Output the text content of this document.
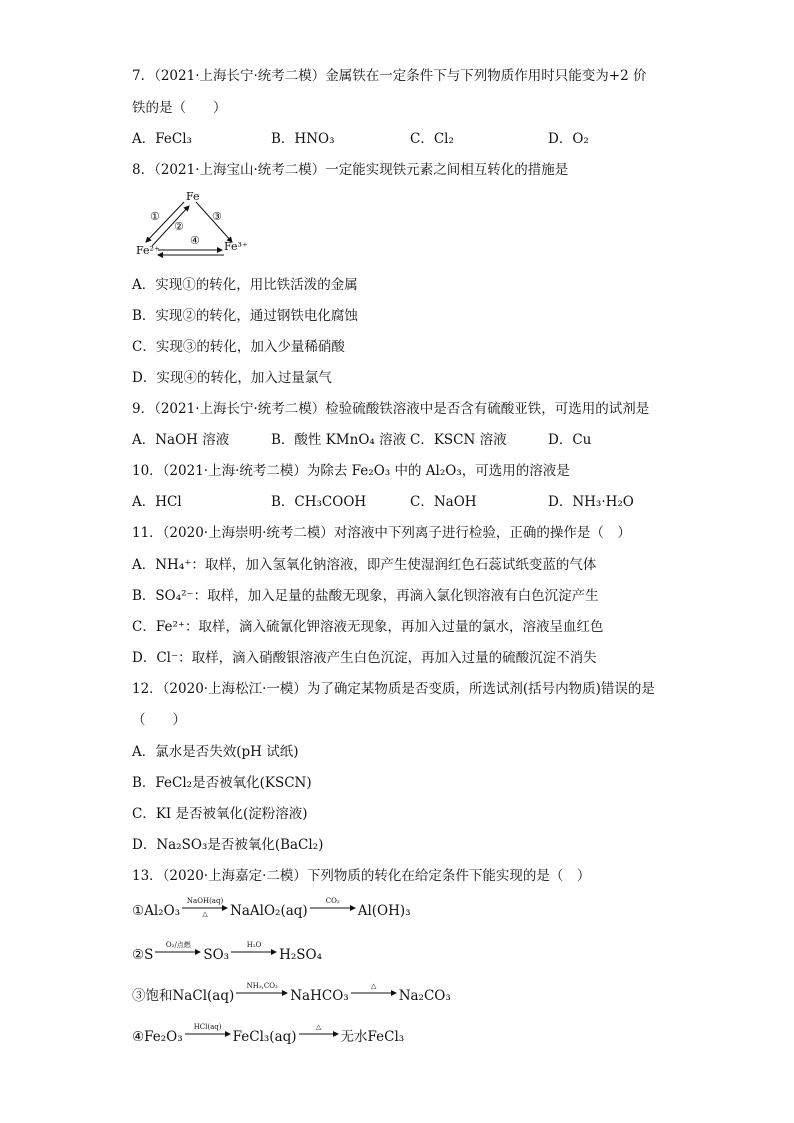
7．（2021·上海长宁·统考二模）金属铁在一定条件下与下列物质作用时只能变为+2 价
铁的是（　　）
A．FeCl₃	B．HNO₃	C．Cl₂	D．O₂
8．（2021·上海宝山·统考二模）一定能实现铁元素之间相互转化的措施是
Fe
Fe²⁺	Fe³⁺
①
②
③
④
A．实现①的转化，用比铁活泼的金属
B．实现②的转化，通过钢铁电化腐蚀
C．实现③的转化，加入少量稀硝酸
D．实现④的转化，加入过量氯气
9．（2021·上海长宁·统考二模）检验硫酸铁溶液中是否含有硫酸亚铁，可选用的试剂是
A．NaOH 溶液	B．酸性 KMnO₄ 溶液 C．KSCN 溶液	D．Cu
10．（2021·上海·统考二模）为除去 Fe₂O₃ 中的 Al₂O₃，可选用的溶液是
A．HCl	B．CH₃COOH	C．NaOH	D．NH₃·H₂O
11．（2020·上海崇明·统考二模）对溶液中下列离子进行检验，正确的操作是（　）
A．NH₄⁺：取样，加入氢氧化钠溶液，即产生使湿润红色石蕊试纸变蓝的气体
B．SO₄²⁻：取样，加入足量的盐酸无现象，再滴入氯化钡溶液有白色沉淀产生
C．Fe²⁺：取样，滴入硫氰化钾溶液无现象，再加入过量的氯水，溶液呈血红色
D．Cl⁻：取样，滴入硝酸银溶液产生白色沉淀，再加入过量的硫酸沉淀不消失
12．（2020·上海松江·一模）为了确定某物质是否变质，所选试剂(括号内物质)错误的是
（　　）
A．氯水是否失效(pH 试纸)
B．FeCl₂是否被氧化(KSCN)
C．KI 是否被氧化(淀粉溶液)
D．Na₂SO₃是否被氧化(BaCl₂)
13．（2020·上海嘉定·二模）下列物质的转化在给定条件下能实现的是（　）
①Al₂O₃
NaOH(aq)
△ NaAlO₂(aq)
CO₂
Al(OH)₃
②S
O₂/点燃
SO₃
H₂O
H₂SO₄
③饱和NaCl(aq)
NH₃,CO₂
NaHCO₃
△
Na₂CO₃
④Fe₂O₃
HCl(aq)
FeCl₃(aq)
△
无水FeCl₃
